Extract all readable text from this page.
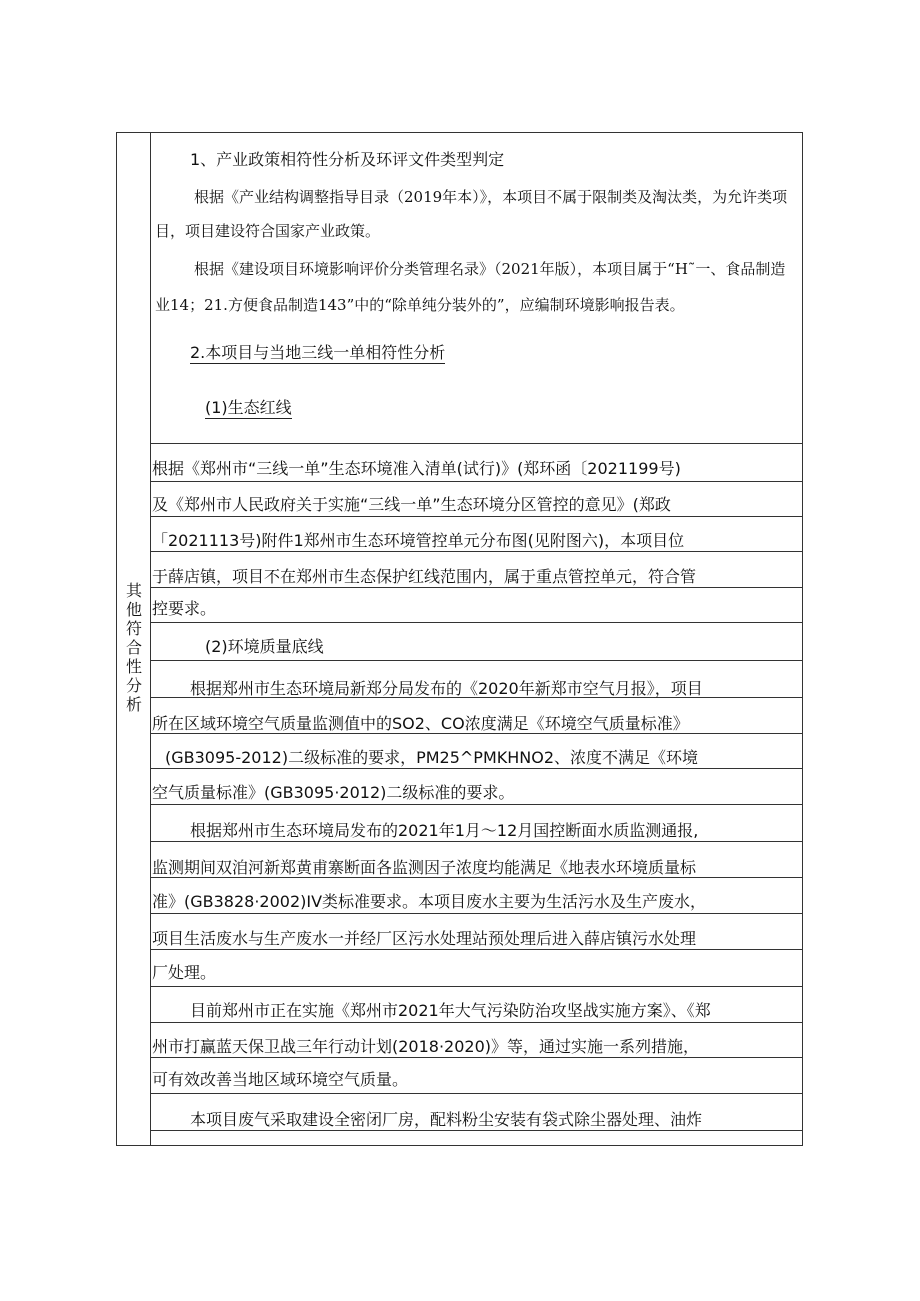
其
他
符
合
性
分
析
1、产业政策相符性分析及环评文件类型判定
根据《产业结构调整指导目录（2019年本）》，本项目不属于限制类及淘汰类，为允许类项
目，项目建设符合国家产业政策。
根据《建设项目环境影响评价分类管理名录》（2021年版），本项目属于“H˜一、食品制造
业14；21.方便食品制造143”中的“除单纯分装外的”，应编制环境影响报告表。
2.本项目与当地三线一单相符性分析
(1)生态红线
根据《郑州市“三线一单”生态环境准入清单(试行)》(郑环函〔2021199号)
及《郑州市人民政府关于实施“三线一单”生态环境分区管控的意见》(郑政
「2021113号)附件1郑州市生态环境管控单元分布图(见附图六)，本项目位
于薛店镇，项目不在郑州市生态保护红线范围内，属于重点管控单元，符合管
控要求。
(2)环境质量底线
根据郑州市生态环境局新郑分局发布的《2020年新郑市空气月报》，项目
所在区域环境空气质量监测值中的SO2、CO浓度满足《环境空气质量标准》
(GB3095-2012)二级标准的要求，PM25^PMKHNO2、浓度不满足《环境
空气质量标准》(GB3095·2012)二级标准的要求。
根据郑州市生态环境局发布的2021年1月～12月国控断面水质监测通报,
监测期间双洎河新郑黄甫寨断面各监测因子浓度均能满足《地表水环境质量标
准》(GB3828·2002)IV类标准要求。本项目废水主要为生活污水及生产废水，
项目生活废水与生产废水一并经厂区污水处理站预处理后进入薛店镇污水处理
厂处理。
目前郑州市正在实施《郑州市2021年大气污染防治攻坚战实施方案》、《郑
州市打赢蓝天保卫战三年行动计划(2018·2020)》等，通过实施一系列措施，
可有效改善当地区域环境空气质量。
本项目废气采取建设全密闭厂房，配料粉尘安装有袋式除尘器处理、油炸
